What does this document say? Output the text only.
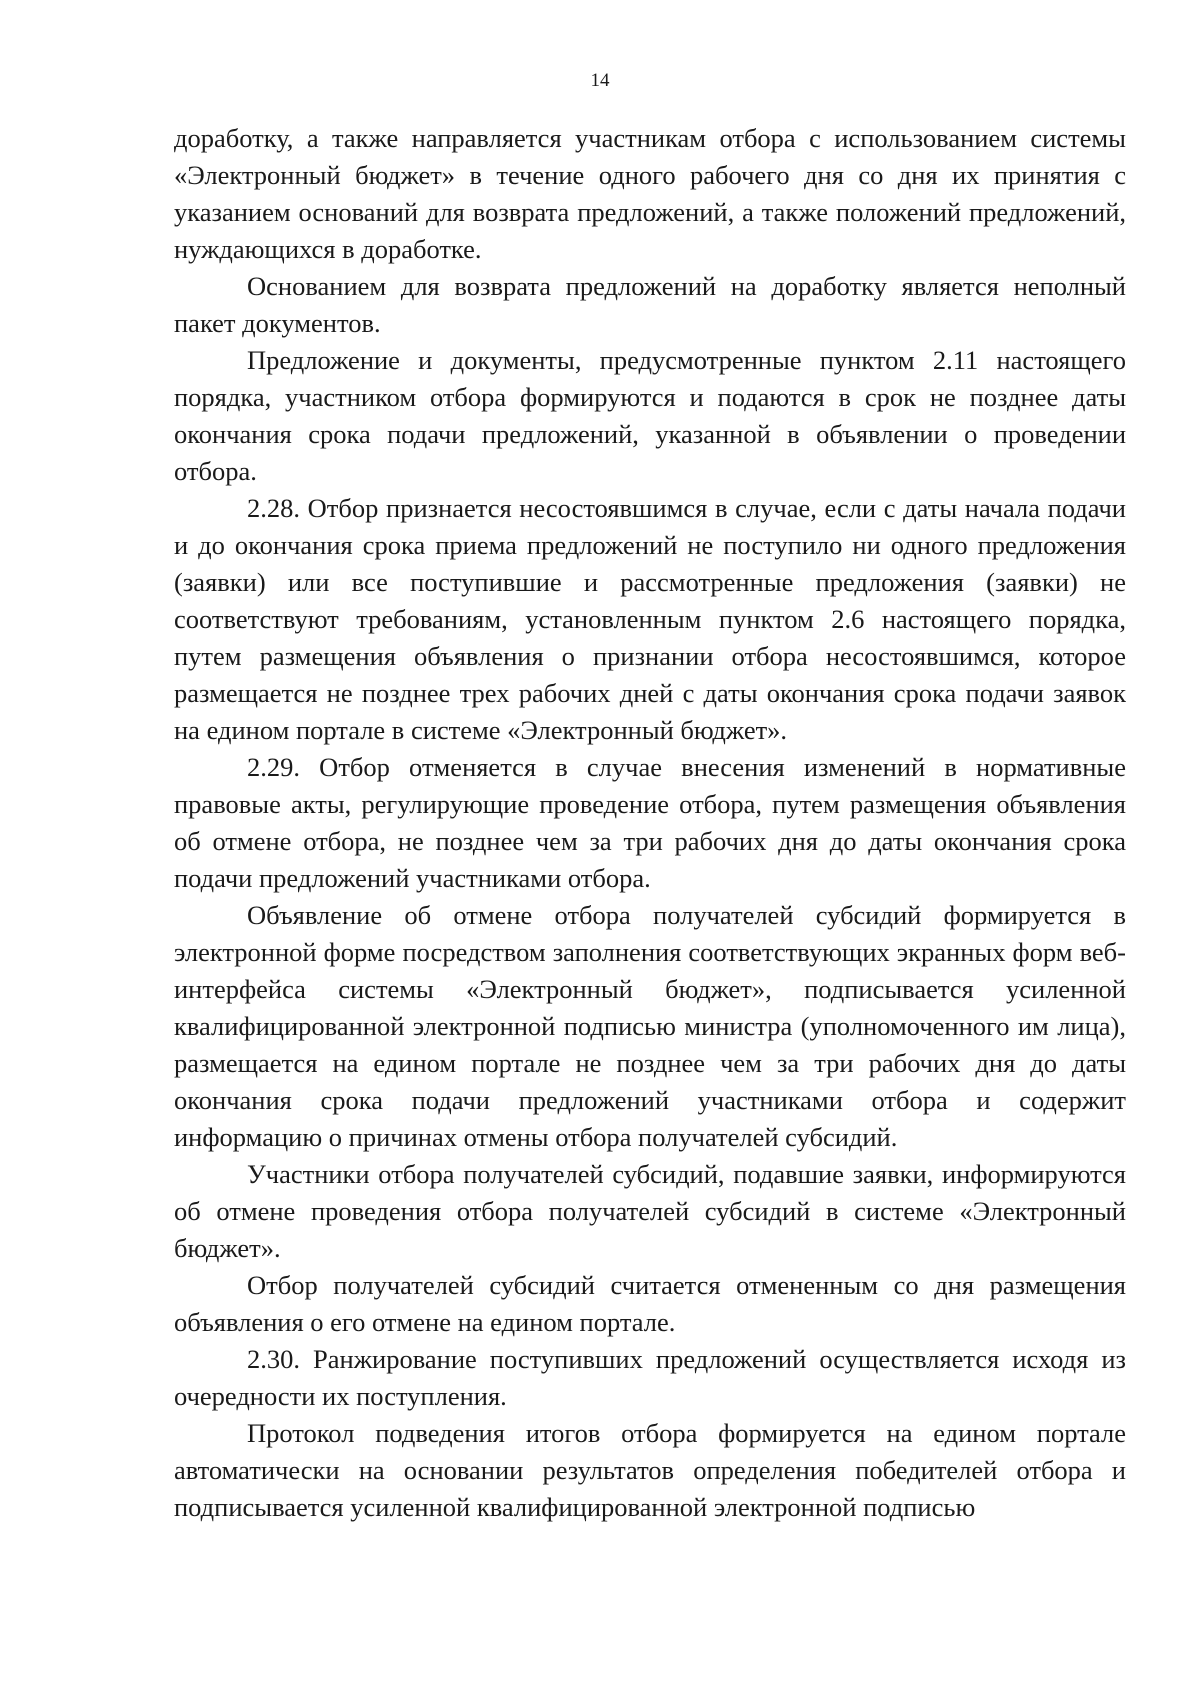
14

доработку, а также направляется участникам отбора с использованием системы «Электронный бюджет» в течение одного рабочего дня со дня их принятия с указанием оснований для возврата предложений, а также положений предложений, нуждающихся в доработке.

Основанием для возврата предложений на доработку является неполный пакет документов.

Предложение и документы, предусмотренные пунктом 2.11 настоящего порядка, участником отбора формируются и подаются в срок не позднее даты окончания срока подачи предложений, указанной в объявлении о проведении отбора.

2.28. Отбор признается несостоявшимся в случае, если с даты начала подачи и до окончания срока приема предложений не поступило ни одного предложения (заявки) или все поступившие и рассмотренные предложения (заявки) не соответствуют требованиям, установленным пунктом 2.6 настоящего порядка, путем размещения объявления о признании отбора несостоявшимся, которое размещается не позднее трех рабочих дней с даты окончания срока подачи заявок на едином портале в системе «Электронный бюджет».

2.29. Отбор отменяется в случае внесения изменений в нормативные правовые акты, регулирующие проведение отбора, путем размещения объявления об отмене отбора, не позднее чем за три рабочих дня до даты окончания срока подачи предложений участниками отбора.

Объявление об отмене отбора получателей субсидий формируется в электронной форме посредством заполнения соответствующих экранных форм веб-интерфейса системы «Электронный бюджет», подписывается усиленной квалифицированной электронной подписью министра (уполномоченного им лица), размещается на едином портале не позднее чем за три рабочих дня до даты окончания срока подачи предложений участниками отбора и содержит информацию о причинах отмены отбора получателей субсидий.

Участники отбора получателей субсидий, подавшие заявки, информируются об отмене проведения отбора получателей субсидий в системе «Электронный бюджет».

Отбор получателей субсидий считается отмененным со дня размещения объявления о его отмене на едином портале.

2.30. Ранжирование поступивших предложений осуществляется исходя из очередности их поступления.

Протокол подведения итогов отбора формируется на едином портале автоматически на основании результатов определения победителей отбора и подписывается усиленной квалифицированной электронной подписью
